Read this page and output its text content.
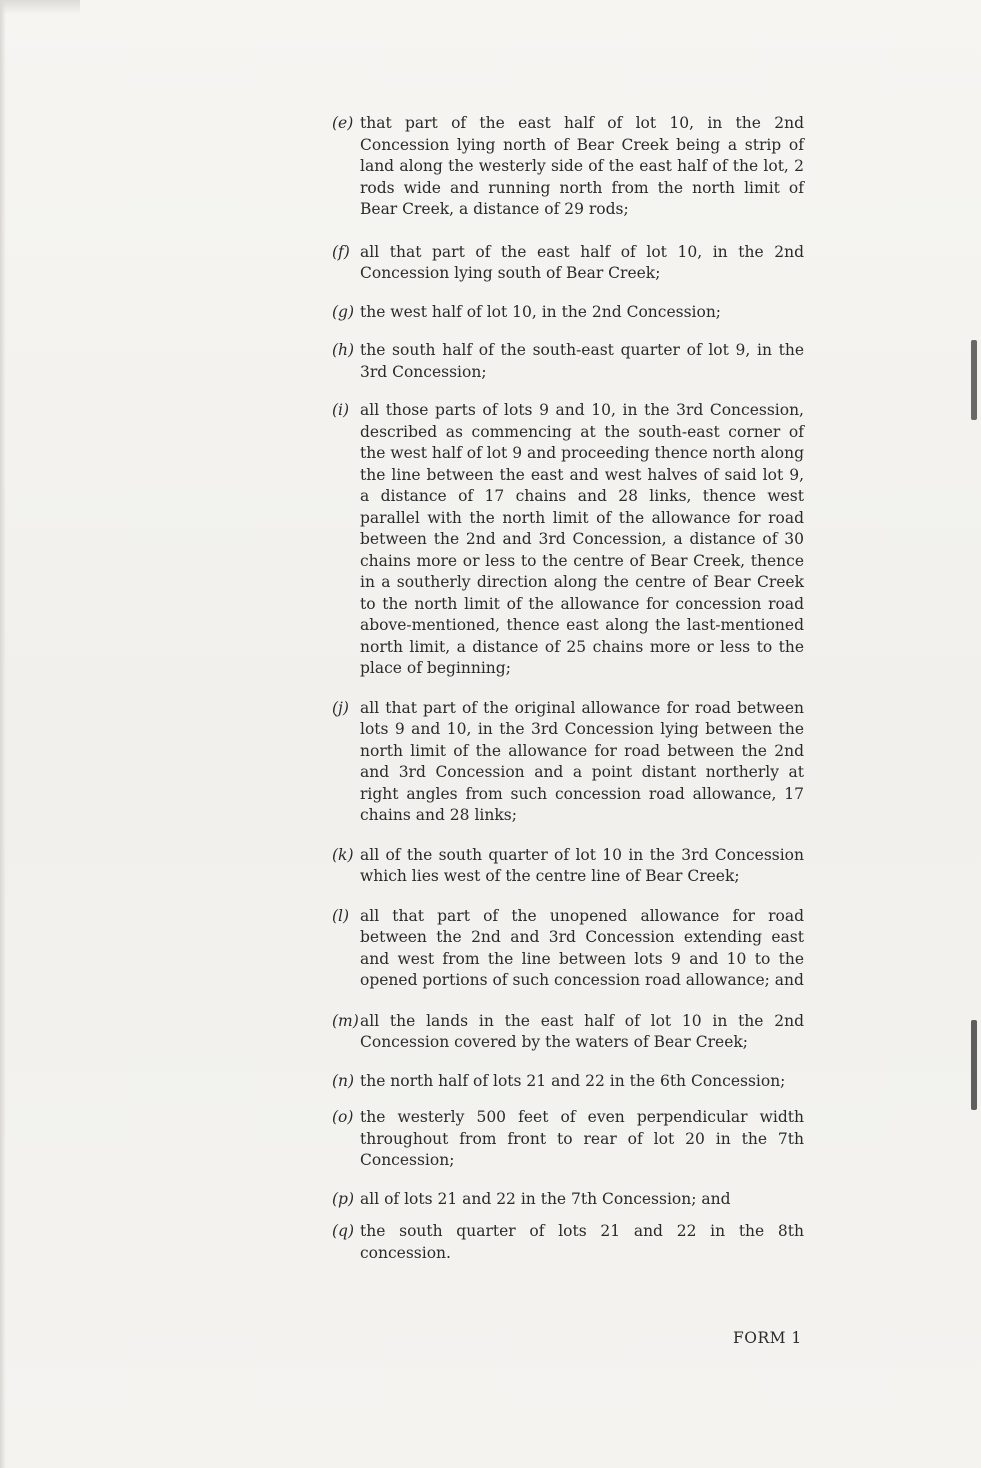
(e) that part of the east half of lot 10, in the 2nd Concession lying north of Bear Creek being a strip of land along the westerly side of the east half of the lot, 2 rods wide and running north from the north limit of Bear Creek, a distance of 29 rods;

(f) all that part of the east half of lot 10, in the 2nd Concession lying south of Bear Creek;

(g) the west half of lot 10, in the 2nd Concession;

(h) the south half of the south-east quarter of lot 9, in the 3rd Concession;

(i) all those parts of lots 9 and 10, in the 3rd Concession, described as commencing at the south-east corner of the west half of lot 9 and proceeding thence north along the line between the east and west halves of said lot 9, a distance of 17 chains and 28 links, thence west parallel with the north limit of the allowance for road between the 2nd and 3rd Concession, a distance of 30 chains more or less to the centre of Bear Creek, thence in a southerly direction along the centre of Bear Creek to the north limit of the allowance for concession road above-mentioned, thence east along the last-mentioned north limit, a distance of 25 chains more or less to the place of beginning;

(j) all that part of the original allowance for road between lots 9 and 10, in the 3rd Concession lying between the north limit of the allowance for road between the 2nd and 3rd Concession and a point distant northerly at right angles from such concession road allowance, 17 chains and 28 links;

(k) all of the south quarter of lot 10 in the 3rd Concession which lies west of the centre line of Bear Creek;

(l) all that part of the unopened allowance for road between the 2nd and 3rd Concession extending east and west from the line between lots 9 and 10 to the opened portions of such concession road allowance; and

(m) all the lands in the east half of lot 10 in the 2nd Concession covered by the waters of Bear Creek;

(n) the north half of lots 21 and 22 in the 6th Concession;

(o) the westerly 500 feet of even perpendicular width throughout from front to rear of lot 20 in the 7th Concession;

(p) all of lots 21 and 22 in the 7th Concession; and

(q) the south quarter of lots 21 and 22 in the 8th concession.

FORM 1
